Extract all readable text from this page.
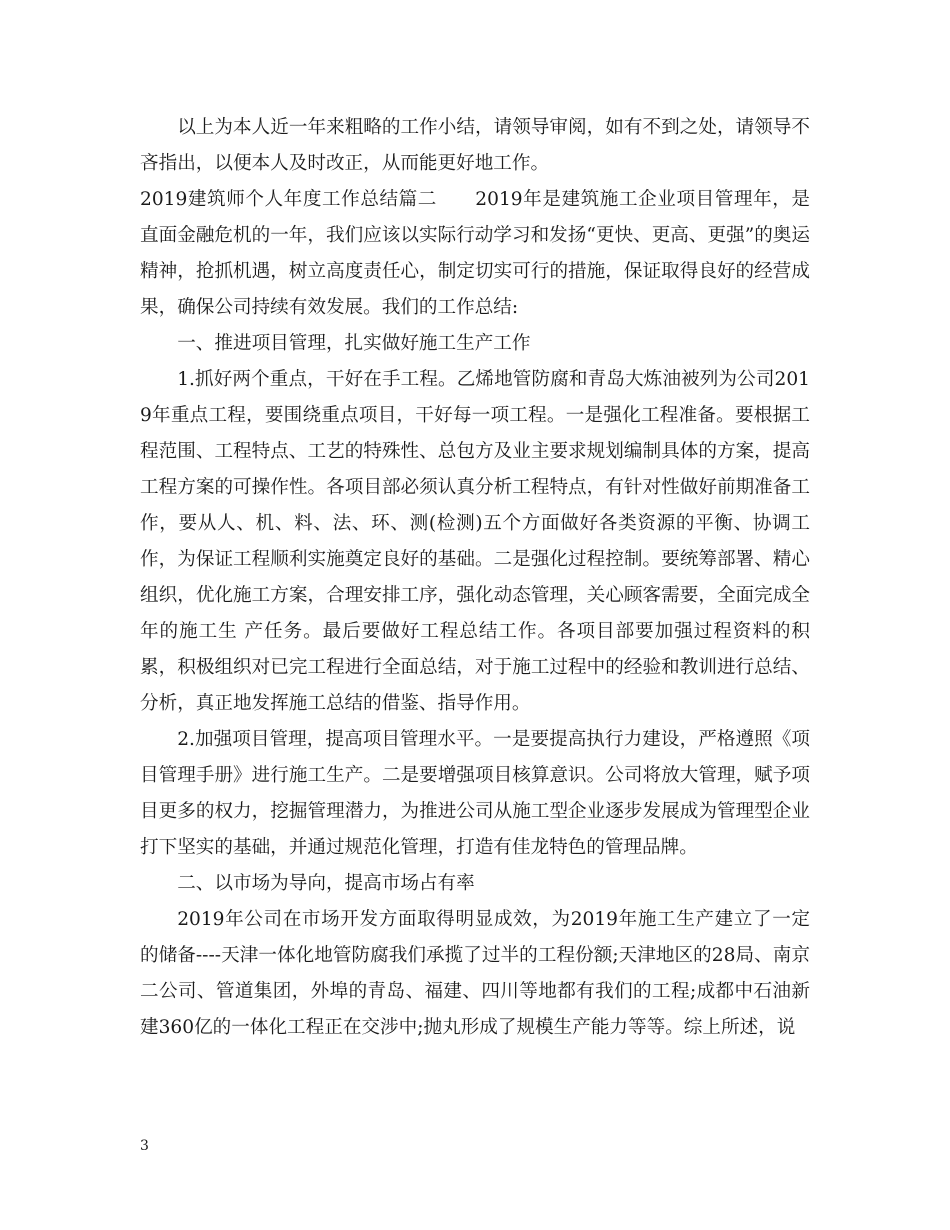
以上为本人近一年来粗略的工作小结，请领导审阅，如有不到之处，请领导不吝指出，以便本人及时改正，从而能更好地工作。

2019建筑师个人年度工作总结篇二　　2019年是建筑施工企业项目管理年，是直面金融危机的一年，我们应该以实际行动学习和发扬“更快、更高、更强”的奥运精神，抢抓机遇，树立高度责任心，制定切实可行的措施，保证取得良好的经营成果，确保公司持续有效发展。我们的工作总结:

一、推进项目管理，扎实做好施工生产工作

1.抓好两个重点，干好在手工程。乙烯地管防腐和青岛大炼油被列为公司2019年重点工程，要围绕重点项目，干好每一项工程。一是强化工程准备。要根据工程范围、工程特点、工艺的特殊性、总包方及业主要求规划编制具体的方案，提高工程方案的可操作性。各项目部必须认真分析工程特点，有针对性做好前期准备工作，要从人、机、料、法、环、测(检测)五个方面做好各类资源的平衡、协调工作，为保证工程顺利实施奠定良好的基础。二是强化过程控制。要统筹部署、精心组织，优化施工方案，合理安排工序，强化动态管理，关心顾客需要，全面完成全年的施工生 产任务。最后要做好工程总结工作。各项目部要加强过程资料的积累，积极组织对已完工程进行全面总结，对于施工过程中的经验和教训进行总结、分析，真正地发挥施工总结的借鉴、指导作用。

2.加强项目管理，提高项目管理水平。一是要提高执行力建设，严格遵照《项目管理手册》进行施工生产。二是要增强项目核算意识。公司将放大管理，赋予项目更多的权力，挖掘管理潜力，为推进公司从施工型企业逐步发展成为管理型企业打下坚实的基础，并通过规范化管理，打造有佳龙特色的管理品牌。

二、以市场为导向，提高市场占有率

2019年公司在市场开发方面取得明显成效，为2019年施工生产建立了一定的储备----天津一体化地管防腐我们承揽了过半的工程份额;天津地区的28局、南京二公司、管道集团，外埠的青岛、福建、四川等地都有我们的工程;成都中石油新建360亿的一体化工程正在交涉中;抛丸形成了规模生产能力等等。综上所述，说

3
